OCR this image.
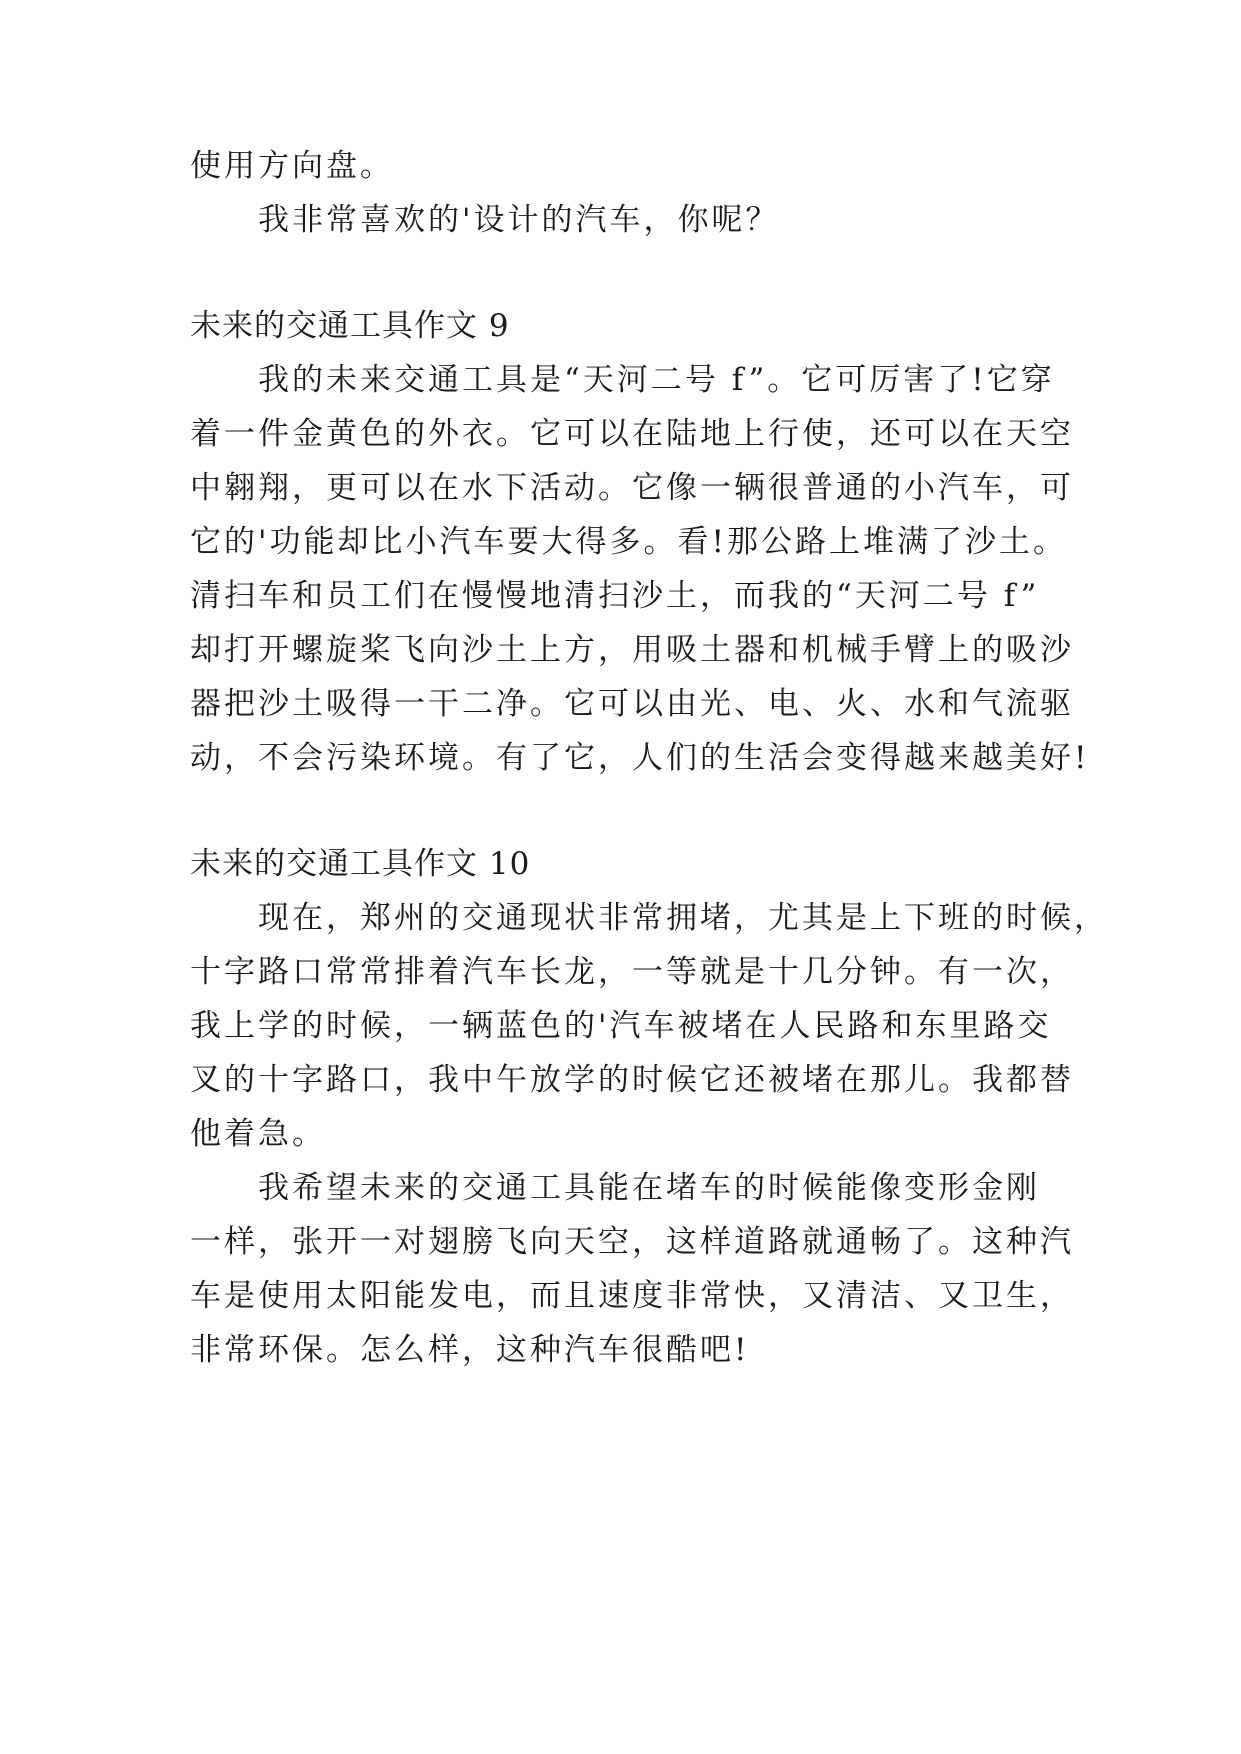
使用方向盘。
我非常喜欢的'设计的汽车，你呢？
未来的交通工具作文 9
我的未来交通工具是“天河二号 f”。它可厉害了!它穿
着一件金黄色的外衣。它可以在陆地上行使，还可以在天空
中翱翔，更可以在水下活动。它像一辆很普通的小汽车，可
它的'功能却比小汽车要大得多。看!那公路上堆满了沙土。
清扫车和员工们在慢慢地清扫沙土，而我的“天河二号 f”
却打开螺旋桨飞向沙土上方，用吸土器和机械手臂上的吸沙
器把沙土吸得一干二净。它可以由光、电、火、水和气流驱
动，不会污染环境。有了它，人们的生活会变得越来越美好!
未来的交通工具作文 10
现在，郑州的交通现状非常拥堵，尤其是上下班的时候，
十字路口常常排着汽车长龙，一等就是十几分钟。有一次，
我上学的时候，一辆蓝色的'汽车被堵在人民路和东里路交
叉的十字路口，我中午放学的时候它还被堵在那儿。我都替
他着急。
我希望未来的交通工具能在堵车的时候能像变形金刚
一样，张开一对翅膀飞向天空，这样道路就通畅了。这种汽
车是使用太阳能发电，而且速度非常快，又清洁、又卫生，
非常环保。怎么样，这种汽车很酷吧!
